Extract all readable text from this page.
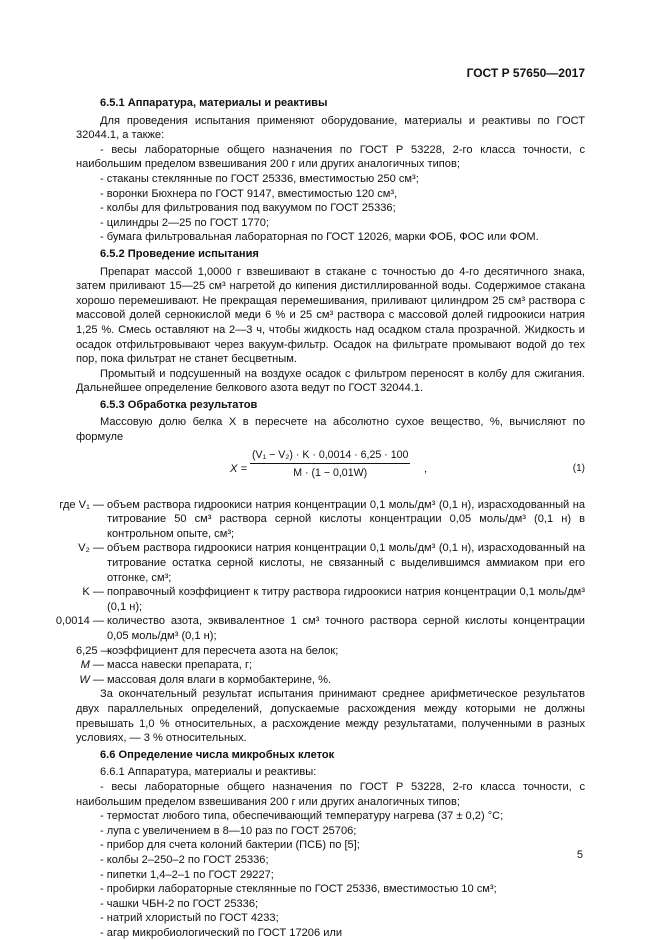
ГОСТ Р 57650—2017
6.5.1 Аппаратура, материалы и реактивы

Для проведения испытания применяют оборудование, материалы и реактивы по ГОСТ 32044.1, а также:

- весы лабораторные общего назначения по ГОСТ Р 53228, 2-го класса точности, с наибольшим пределом взвешивания 200 г или других аналогичных типов;

- стаканы стеклянные по ГОСТ 25336, вместимостью 250 см³;

- воронки Бюхнера по ГОСТ 9147, вместимостью 120 см³,

- колбы для фильтрования под вакуумом по ГОСТ 25336;

- цилиндры 2—25 по ГОСТ 1770;

- бумага фильтровальная лабораторная по ГОСТ 12026, марки ФОБ, ФОС или ФОМ.

6.5.2 Проведение испытания

Препарат массой 1,0000 г взвешивают в стакане с точностью до 4-го десятичного знака, затем приливают 15—25 см³ нагретой до кипения дистиллированной воды. Содержимое стакана хорошо перемешивают. Не прекращая перемешивания, приливают цилиндром 25 см³ раствора с массовой долей сернокислой меди 6 % и 25 см³ раствора с массовой долей гидроокиси натрия 1,25 %. Смесь оставляют на 2—3 ч, чтобы жидкость над осадком стала прозрачной. Жидкость и осадок отфильтровывают через вакуум-фильтр. Осадок на фильтрате промывают водой до тех пор, пока фильтрат не станет бесцветным.

Промытый и подсушенный на воздухе осадок с фильтром переносят в колбу для сжигания. Дальнейшее определение белкового азота ведут по ГОСТ 32044.1.

6.5.3 Обработка результатов

Массовую долю белка X в пересчете на абсолютно сухое вещество, %, вычисляют по формуле

$X = \frac{\text{(V₁ − V₂) · K · 0,0014 · 6,25 · 100}}{M \cdot (1 - 0,01W)}$ ,	(1)
где V₁ — объем раствора гидроокиси натрия концентрации 0,1 моль/дм³ (0,1 н), израсходованный на титрование 50 см³ раствора серной кислоты концентрации 0,05 моль/дм³ (0,1 н) в контрольном опыте, см³;
V₂ — объем раствора гидроокиси натрия концентрации 0,1 моль/дм³ (0,1 н), израсходованный на титрование остатка серной кислоты, не связанный с выделившимся аммиаком при его отгонке, см³;
K — поправочный коэффициент к титру раствора гидроокиси натрия концентрации 0,1 моль/дм³ (0,1 н);
0,0014 — количество азота, эквивалентное 1 см³ точного раствора серной кислоты концентрации 0,05 моль/дм³ (0,1 н);
6,25 —
коэффициент для пересчета азота на белок;
M — масса навески препарата, г;
W — массовая доля влаги в кормобактерине, %.

За окончательный результат испытания принимают среднее арифметическое результатов двух параллельных определений, допускаемые расхождения между которыми не должны превышать 1,0 % относительных, а расхождение между результатами, полученными в разных условиях, — 3 % относительных.

6.6 Определение числа микробных клеток

6.6.1 Аппаратура, материалы и реактивы:

- весы лабораторные общего назначения по ГОСТ Р 53228, 2-го класса точности, с наибольшим пределом взвешивания 200 г или других аналогичных типов;

- термостат любого типа, обеспечивающий температуру нагрева (37 ± 0,2) °С;

- лупа с увеличением в 8—10 раз по ГОСТ 25706;

- прибор для счета колоний бактерии (ПСБ) по [5];

- колбы 2–250–2 по ГОСТ 25336;

- пипетки 1,4–2–1 по ГОСТ 29227;

- пробирки лабораторные стеклянные по ГОСТ 25336, вместимостью 10 см³;

- чашки ЧБН-2 по ГОСТ 25336;

- натрий хлористый по ГОСТ 4233;

- агар микробиологический по ГОСТ 17206 или

5
